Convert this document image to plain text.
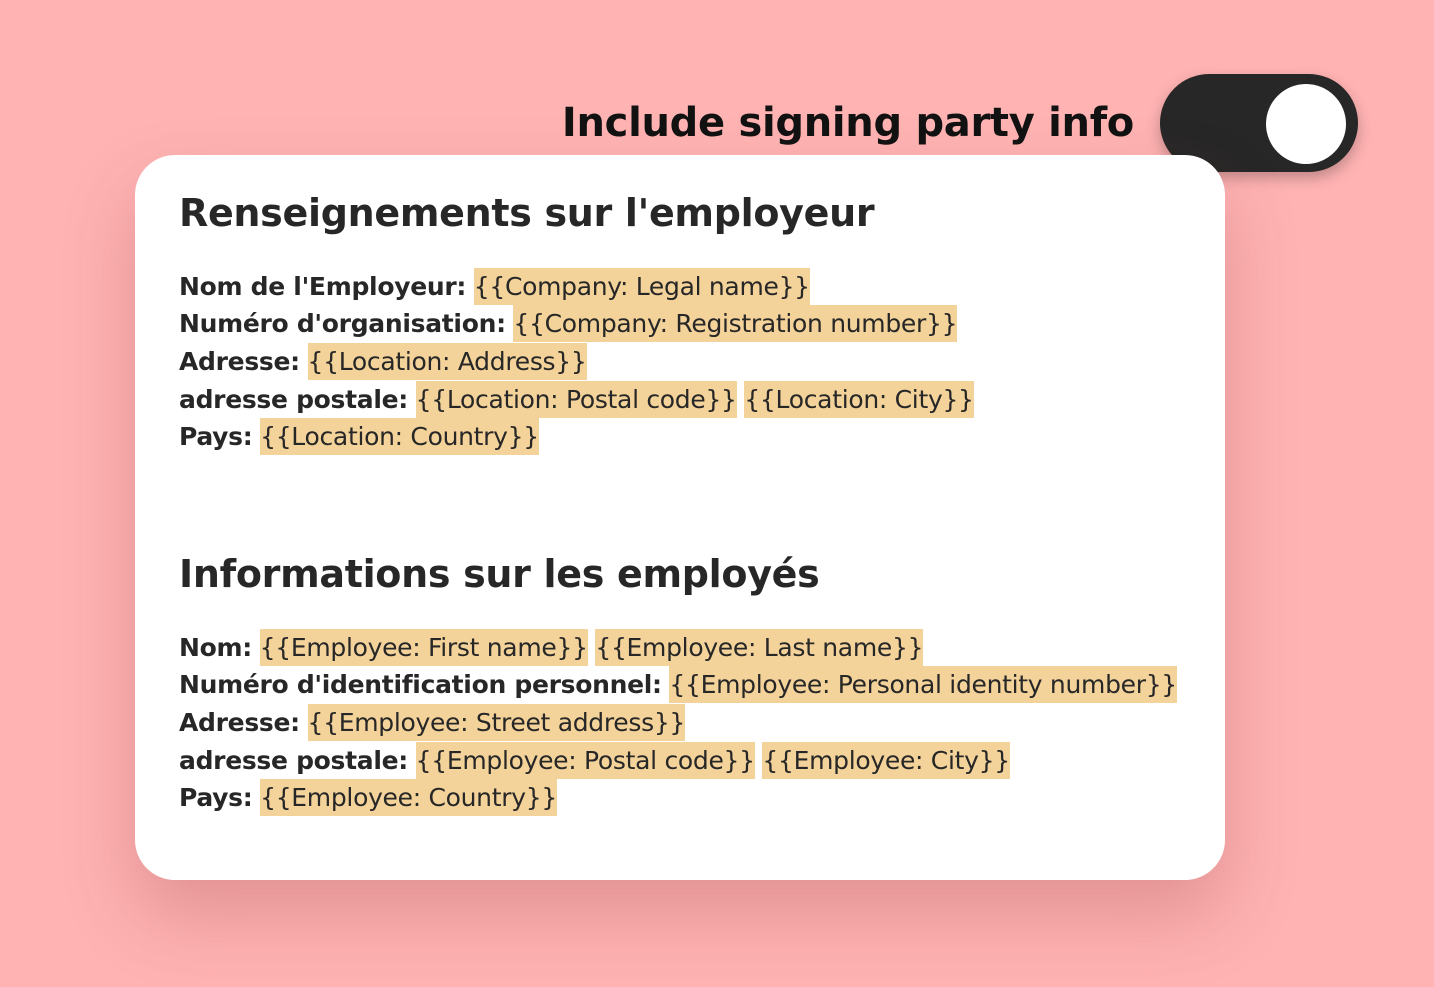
Include signing party info
Renseignements sur l'employeur
Nom de l'Employeur: {{Company: Legal name}}
Numéro d'organisation: {{Company: Registration number}}
Adresse: {{Location: Address}}
adresse postale: {{Location: Postal code}} {{Location: City}}
Pays: {{Location: Country}}
Informations sur les employés
Nom: {{Employee: First name}} {{Employee: Last name}}
Numéro d'identification personnel: {{Employee: Personal identity number}}
Adresse: {{Employee: Street address}}
adresse postale: {{Employee: Postal code}} {{Employee: City}}
Pays: {{Employee: Country}}
